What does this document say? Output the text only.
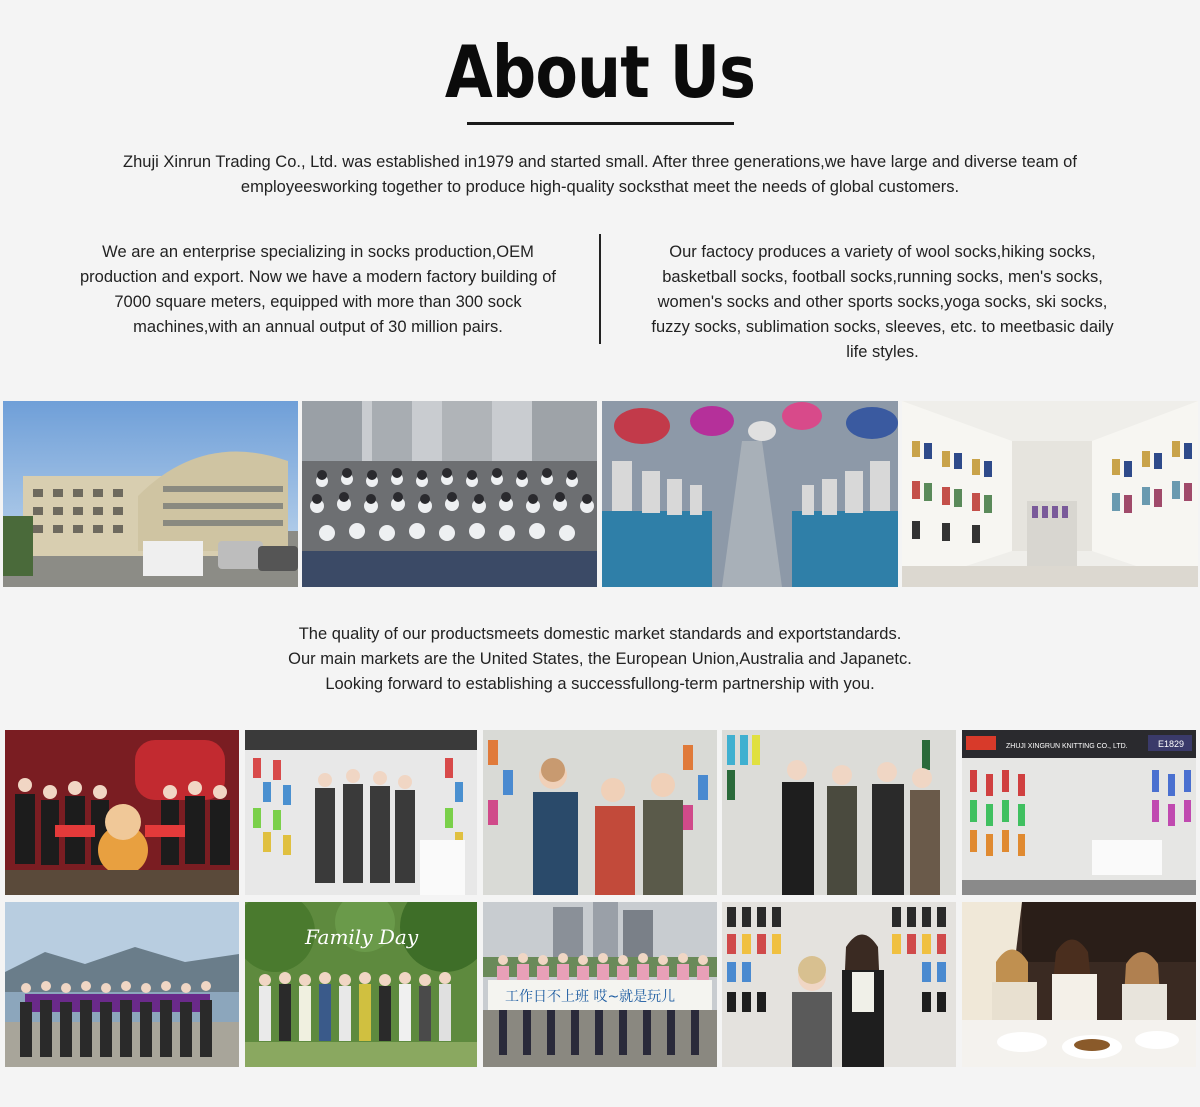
About Us
Zhuji Xinrun Trading Co., Ltd. was established in1979 and started small. After three generations,we have large and diverse team of employeesworking together to produce high-quality socksthat meet the needs of global customers.
We are an enterprise specializing in socks production,OEM production and export. Now we have a modern factory building of 7000 square meters, equipped with more than 300 sock machines,with an annual output of 30 million pairs.
Our factocy produces a variety of wool socks,hiking socks, basketball socks, football socks,running socks, men's socks, women's socks and other sports socks,yoga socks, ski socks, fuzzy socks, sublimation socks, sleeves, etc. to meetbasic daily life styles.
The quality of our productsmeets domestic market standards and exportstandards.
Our main markets are the United States, the European Union,Australia and Japanetc.
Looking forward to establishing a successfullong-term partnership with you.
ZHUJI XINGRUN KNITTING CO., LTD.	E1829
Family Day
工作日不上班 哎~就是玩儿
